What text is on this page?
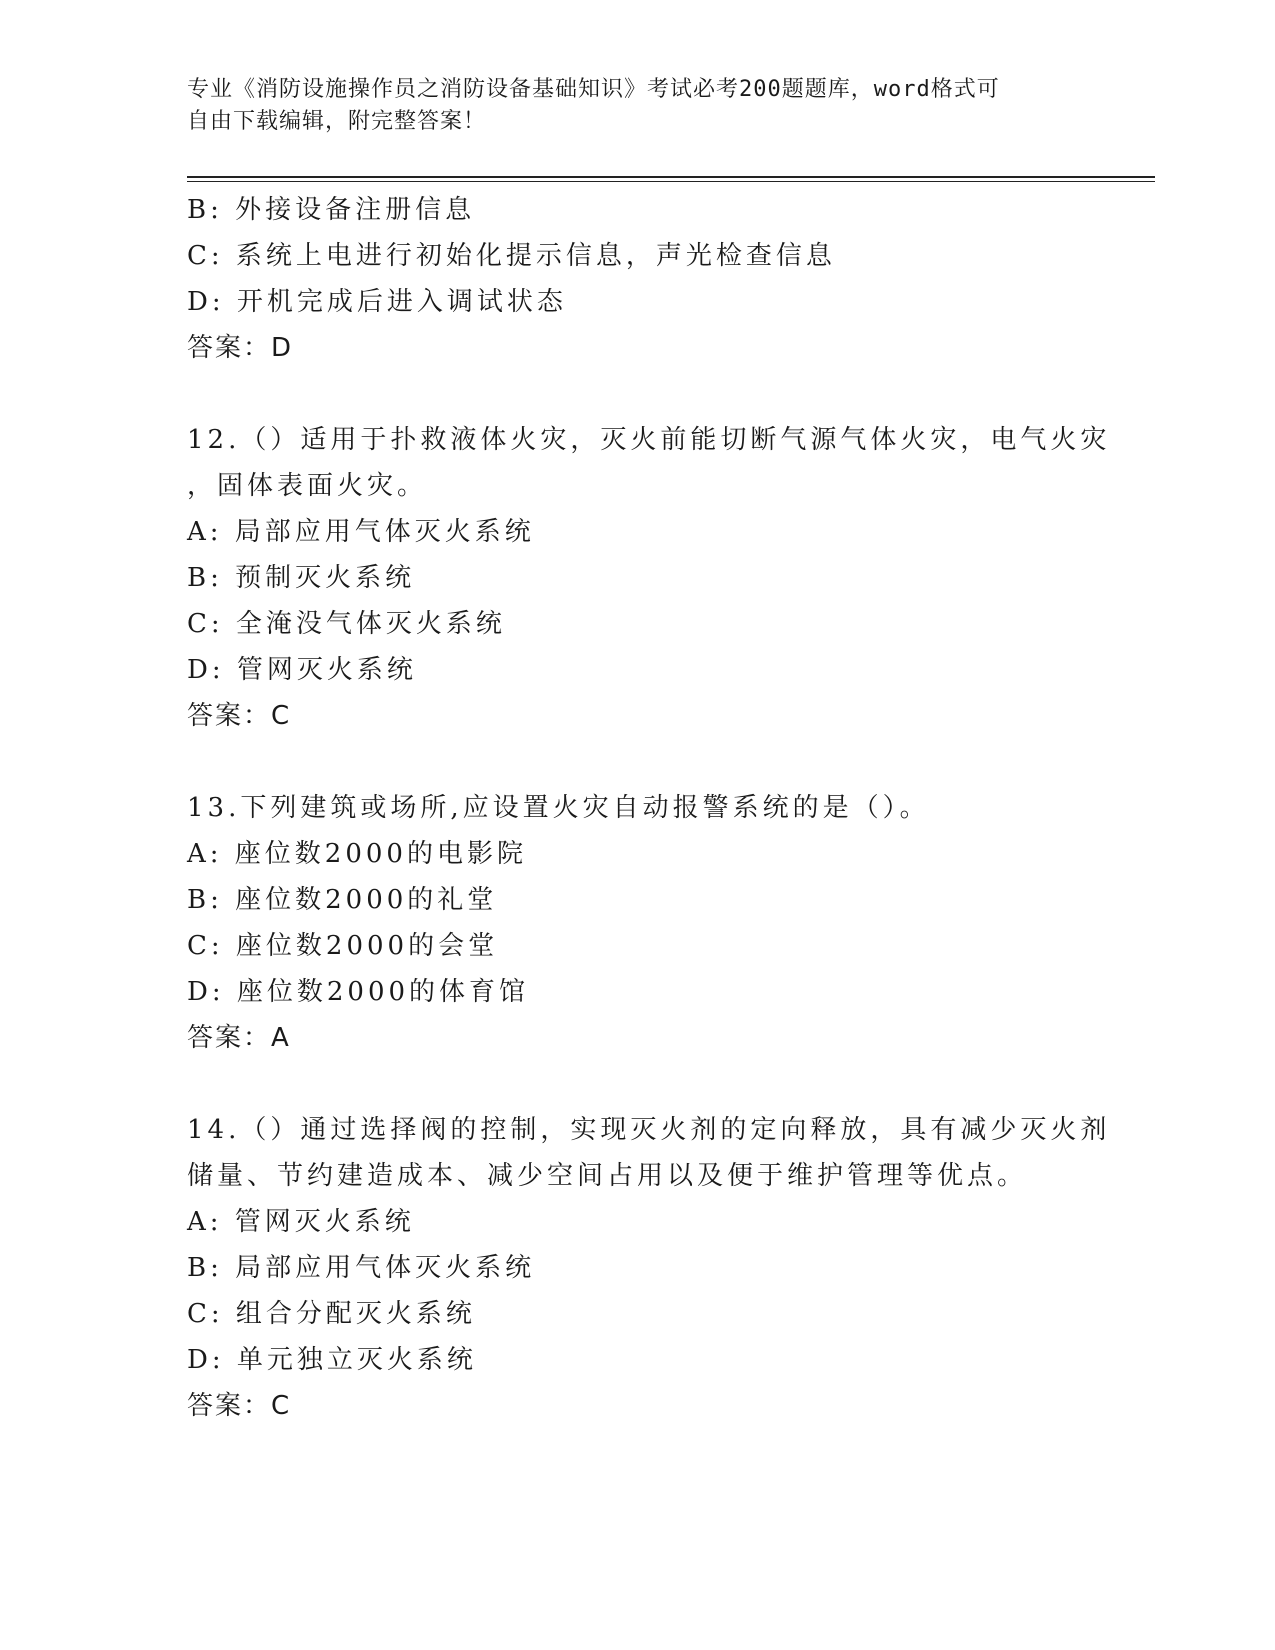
专业《消防设施操作员之消防设备基础知识》考试必考200题题库，word格式可
自由下载编辑，附完整答案！
B: 外接设备注册信息
C: 系统上电进行初始化提示信息，声光检查信息
D: 开机完成后进入调试状态
答案：D
12.（）适用于扑救液体火灾，灭火前能切断气源气体火灾，电气火灾
，固体表面火灾。
A: 局部应用气体灭火系统
B: 预制灭火系统
C: 全淹没气体灭火系统
D: 管网灭火系统
答案：C
13.下列建筑或场所,应设置火灾自动报警系统的是（）。
A: 座位数2000的电影院
B: 座位数2000的礼堂
C: 座位数2000的会堂
D: 座位数2000的体育馆
答案：A
14.（）通过选择阀的控制，实现灭火剂的定向释放，具有减少灭火剂
储量、节约建造成本、减少空间占用以及便于维护管理等优点。
A: 管网灭火系统
B: 局部应用气体灭火系统
C: 组合分配灭火系统
D: 单元独立灭火系统
答案：C
